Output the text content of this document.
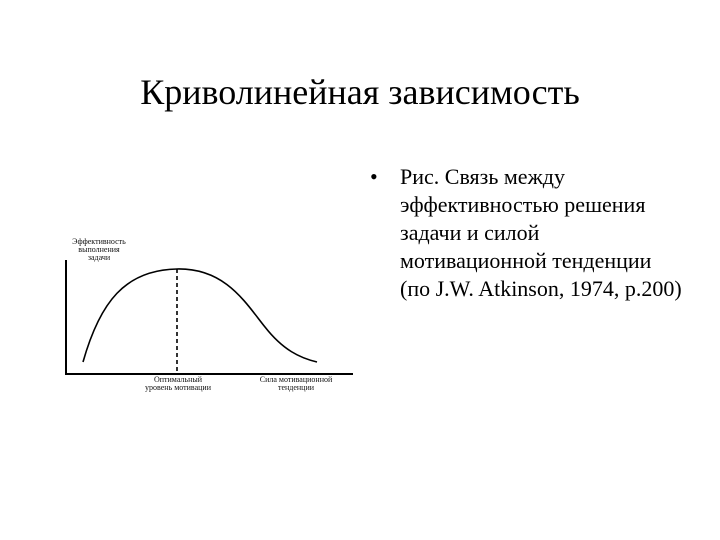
Криволинейная зависимость
Эффективность
выполнения
задачи
Оптимальный
уровень мотивации
Сила мотивационной
тенденции
• Рис. Связь между эффективностью решения задачи и силой мотивационной тенденции (по J.W. Atkinson, 1974, p.200)
